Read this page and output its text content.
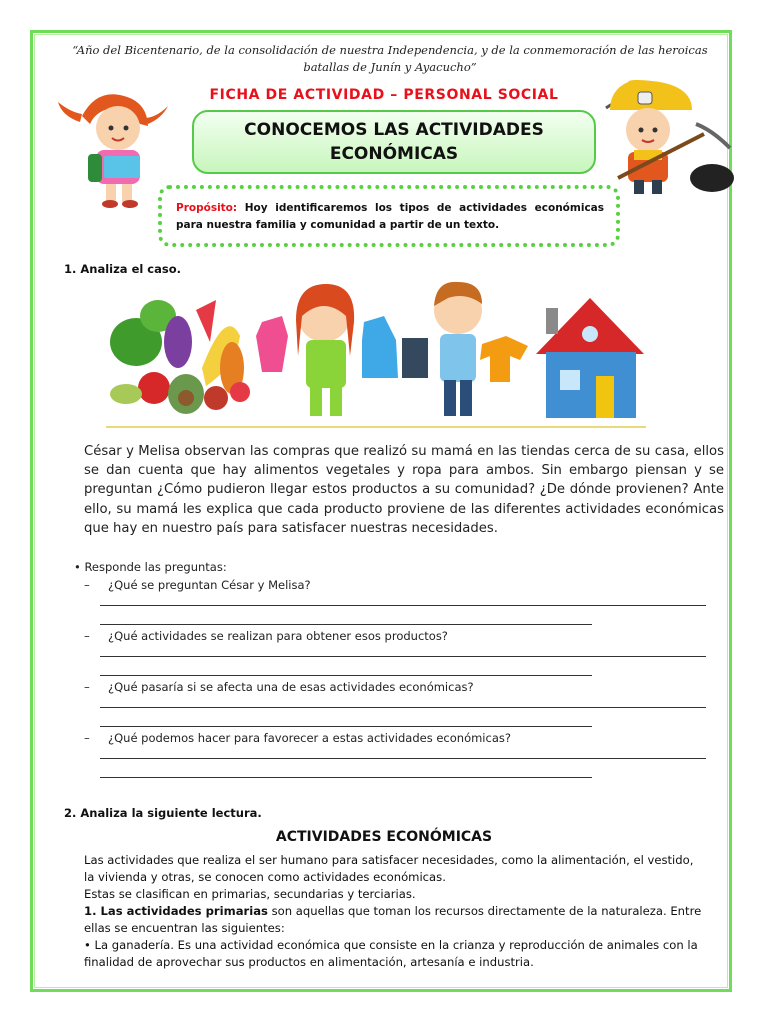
“Año del Bicentenario, de la consolidación de nuestra Independencia, y de la conmemoración de las heroicas batallas de Junín y Ayacucho”
FICHA DE ACTIVIDAD – PERSONAL SOCIAL
CONOCEMOS LAS ACTIVIDADES ECONÓMICAS
Propósito: Hoy identificaremos los tipos de actividades económicas para nuestra familia y comunidad a partir de un texto.
1. Analiza el caso.
César y Melisa observan las compras que realizó su mamá en las tiendas cerca de su casa, ellos se dan cuenta que hay alimentos vegetales y ropa para ambos. Sin embargo piensan y se preguntan ¿Cómo pudieron llegar estos productos a su comunidad? ¿De dónde provienen? Ante ello, su mamá les explica que cada producto proviene de las diferentes actividades económicas que hay en nuestro país para satisfacer nuestras necesidades.
• Responde las preguntas:
– ¿Qué se preguntan César y Melisa?
– ¿Qué actividades se realizan para obtener esos productos?
– ¿Qué pasaría si se afecta una de esas actividades económicas?
– ¿Qué podemos hacer para favorecer a estas actividades económicas?
2. Analiza la siguiente lectura.
ACTIVIDADES ECONÓMICAS

Las actividades que realiza el ser humano para satisfacer necesidades, como la alimentación, el vestido, la vivienda y otras, se conocen como actividades económicas.

Estas se clasifican en primarias, secundarias y terciarias.

1. Las actividades primarias son aquellas que toman los recursos directamente de la naturaleza. Entre ellas se encuentran las siguientes:

• La ganadería. Es una actividad económica que consiste en la crianza y reproducción de animales con la finalidad de aprovechar sus productos en alimentación, artesanía e industria.
